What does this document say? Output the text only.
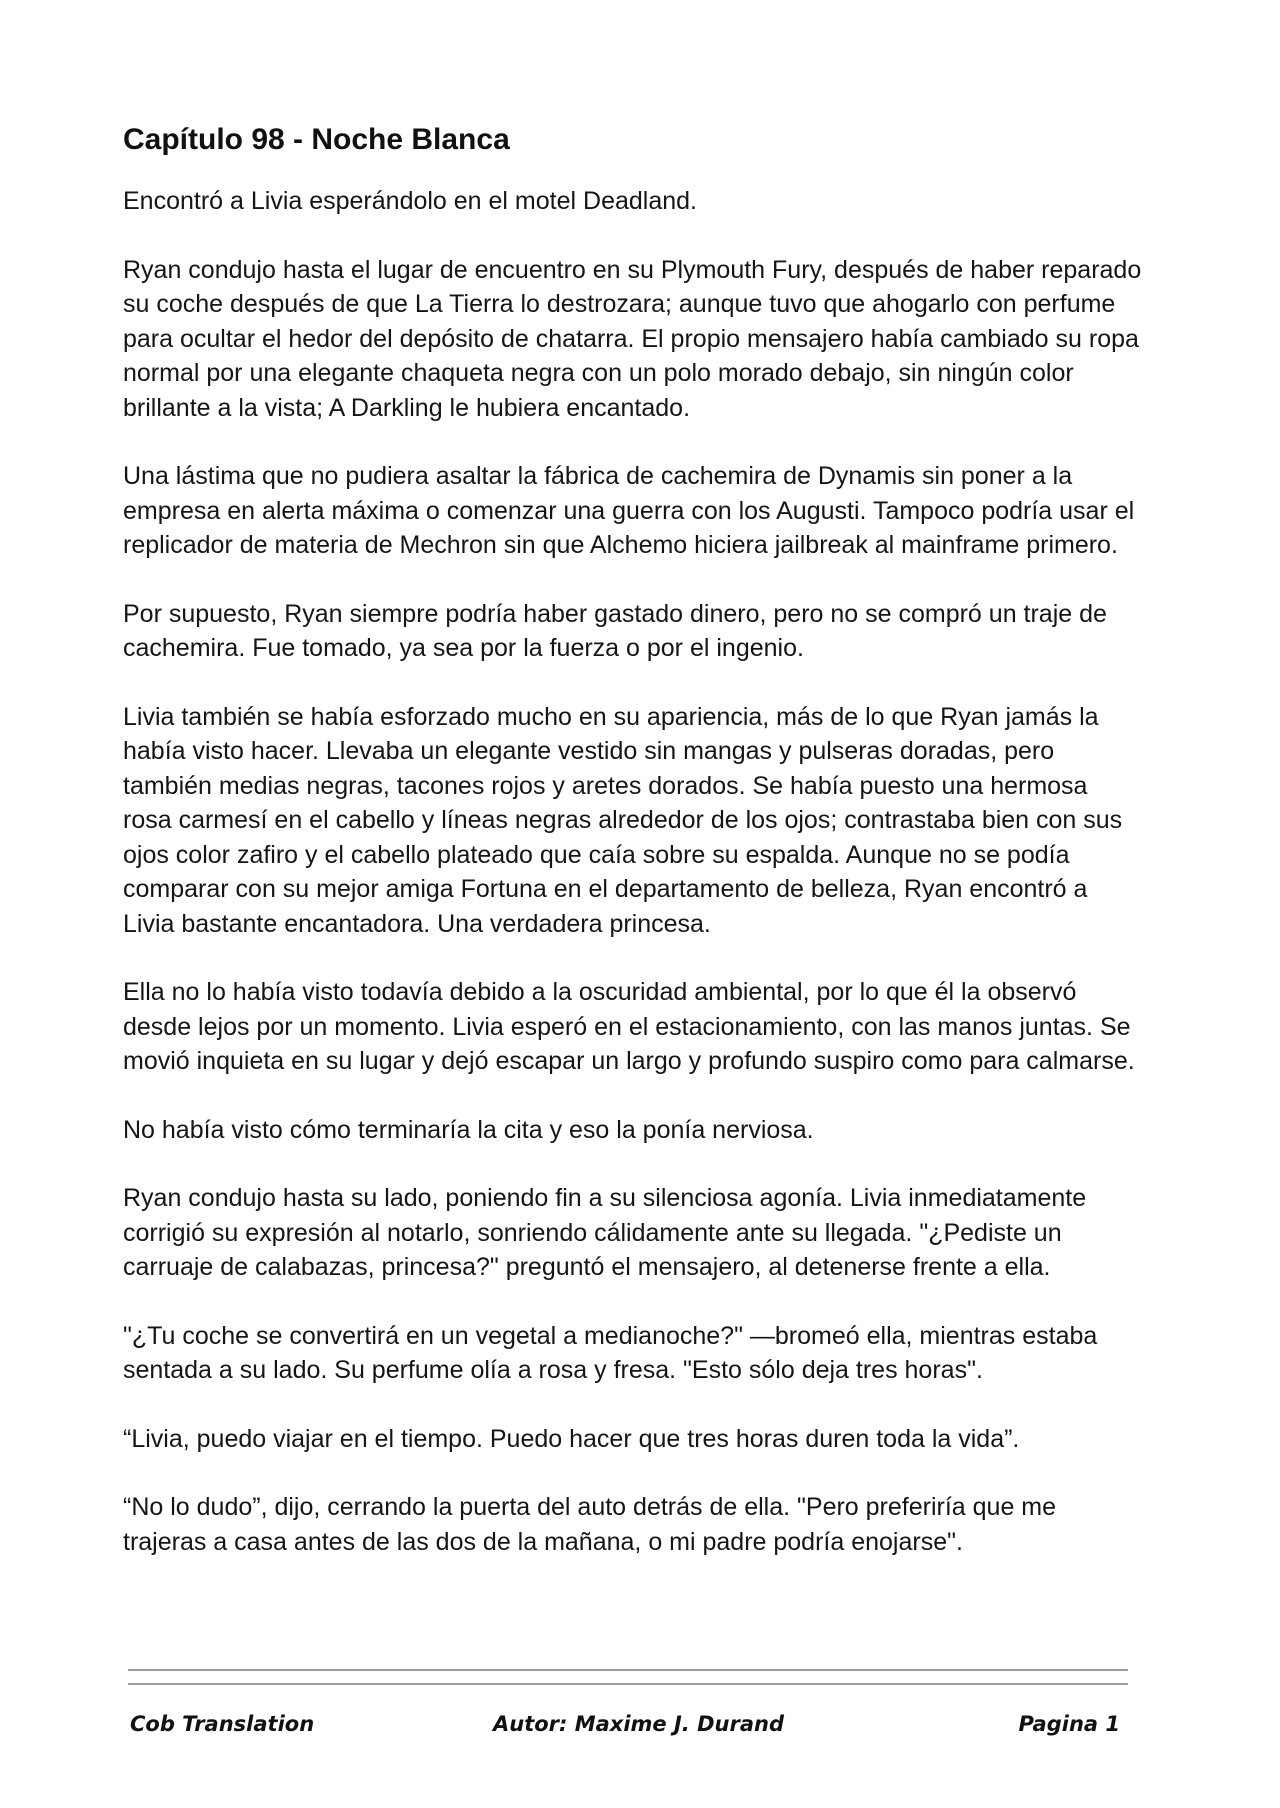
Capítulo 98 - Noche Blanca

Encontró a Livia esperándolo en el motel Deadland.

Ryan condujo hasta el lugar de encuentro en su Plymouth Fury, después de haber reparado su coche después de que La Tierra lo destrozara; aunque tuvo que ahogarlo con perfume para ocultar el hedor del depósito de chatarra. El propio mensajero había cambiado su ropa normal por una elegante chaqueta negra con un polo morado debajo, sin ningún color brillante a la vista; A Darkling le hubiera encantado.

Una lástima que no pudiera asaltar la fábrica de cachemira de Dynamis sin poner a la empresa en alerta máxima o comenzar una guerra con los Augusti. Tampoco podría usar el replicador de materia de Mechron sin que Alchemo hiciera jailbreak al mainframe primero.

Por supuesto, Ryan siempre podría haber gastado dinero, pero no se compró un traje de cachemira. Fue tomado, ya sea por la fuerza o por el ingenio.

Livia también se había esforzado mucho en su apariencia, más de lo que Ryan jamás la había visto hacer. Llevaba un elegante vestido sin mangas y pulseras doradas, pero también medias negras, tacones rojos y aretes dorados. Se había puesto una hermosa rosa carmesí en el cabello y líneas negras alrededor de los ojos; contrastaba bien con sus ojos color zafiro y el cabello plateado que caía sobre su espalda. Aunque no se podía comparar con su mejor amiga Fortuna en el departamento de belleza, Ryan encontró a Livia bastante encantadora. Una verdadera princesa.

Ella no lo había visto todavía debido a la oscuridad ambiental, por lo que él la observó desde lejos por un momento. Livia esperó en el estacionamiento, con las manos juntas. Se movió inquieta en su lugar y dejó escapar un largo y profundo suspiro como para calmarse.

No había visto cómo terminaría la cita y eso la ponía nerviosa.

Ryan condujo hasta su lado, poniendo fin a su silenciosa agonía. Livia inmediatamente corrigió su expresión al notarlo, sonriendo cálidamente ante su llegada. "¿Pediste un carruaje de calabazas, princesa?" preguntó el mensajero, al detenerse frente a ella.

"¿Tu coche se convertirá en un vegetal a medianoche?" —bromeó ella, mientras estaba sentada a su lado. Su perfume olía a rosa y fresa. "Esto sólo deja tres horas".

“Livia, puedo viajar en el tiempo. Puedo hacer que tres horas duren toda la vida”.

“No lo dudo”, dijo, cerrando la puerta del auto detrás de ella. "Pero preferiría que me trajeras a casa antes de las dos de la mañana, o mi padre podría enojarse".

Cob Translation	Autor: Maxime J. Durand	Pagina 1
